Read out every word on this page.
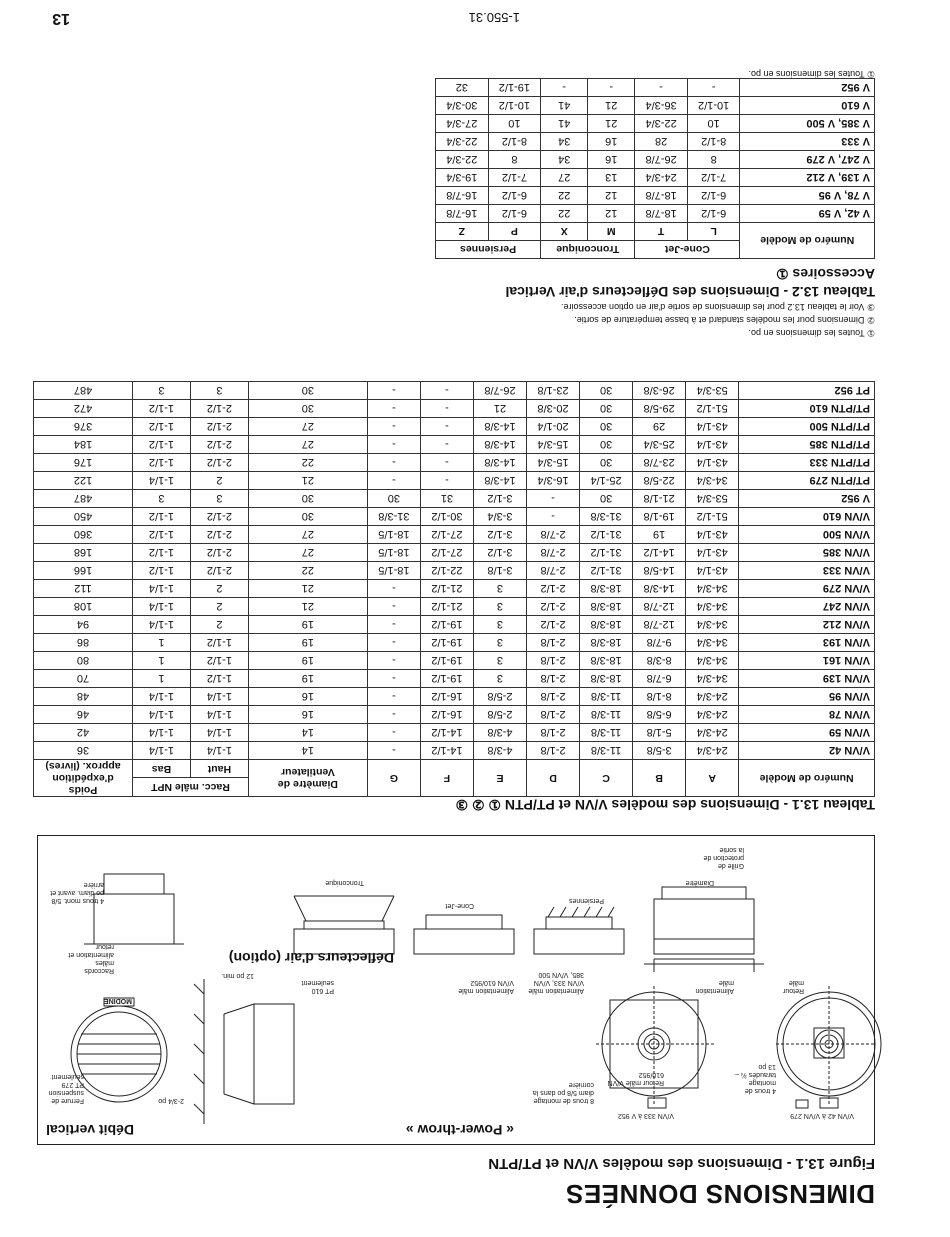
1-550.31
13
DIMENSIONS DONNÉES
Figure 13.1 - Dimensions des modèles V/VN et PT/PTN
Débit vertical	« Power-throw »
Déflecteurs d'air (option)
V/VN 42 à V/VN 279
V/VN 333 à V 952
4 trous de montage taraudés ¾ – 13 po
8 trous de montage diam 5/8 po dans la cornière
Retour mâle
Alimentation mâle
Retour mâle V/VN 610/952
Alimentation mâle V/VN 333, V/VN 385, V/VN 500
Alimentation mâle V/VN 610/952
PT 610 seulement
12 po min.
2-3/4 po
Ferrure de suspension PT 279 seulement
Raccords mâles alimentation et retour
4 trous mont. 5/8 po diam. avant et arrière	Diamètre
Grille de protection de la sortie
Persiennes
Cone-Jet
Tronconique
MODINE
Tableau 13.1 - Dimensions des modèles V/VN et PT/PTN ① ② ③
Numéro de Modèle	A	B	C	D	E	F	G	Diamètre de Ventilateur	Racc. mâle NPT		Poids d'expédition approx. (livres)
									Haut	Bas	
V/VN 42	24-3/4	3-5/8	11-3/8	2-1/8	4-3/8	14-1/2	-	14	1-1/4	1-1/4	36
V/VN 59	24-3/4	5-1/8	11-3/8	2-1/8	4-3/8	14-1/2	-	14	1-1/4	1-1/4	42
V/VN 78	24-3/4	6-5/8	11-3/8	2-1/8	2-5/8	16-1/2	-	16	1-1/4	1-1/4	46
V/VN 95	24-3/4	8-1/8	11-3/8	2-1/8	2-5/8	16-1/2	-	16	1-1/4	1-1/4	48
V/VN 139	34-3/4	6-7/8	18-3/8	2-1/8	3	19-1/2	-	19	1-1/2	1	70
V/VN 161	34-3/4	8-3/8	18-3/8	2-1/8	3	19-1/2	-	19	1-1/2	1	80
V/VN 193	34-3/4	9-7/8	18-3/8	2-1/8	3	19-1/2	-	19	1-1/2	1	86
V/VN 212	34-3/4	12-7/8	18-3/8	2-1/2	3	19-1/2	-	19	2	1-1/4	94
V/VN 247	34-3/4	12-7/8	18-3/8	2-1/2	3	21-1/2	-	21	2	1-1/4	108
V/VN 279	34-3/4	14-3/8	18-3/8	2-1/2	3	21-1/2	-	21	2	1-1/4	112
V/VN 333	43-1/4	14-5/8	31-1/2	2-7/8	3-1/8	22-1/2	18-1/5	22	2-1/2	1-1/2	166
V/VN 385	43-1/4	14-1/2	31-1/2	2-7/8	3-1/2	27-1/2	18-1/5	27	2-1/2	1-1/2	168
V/VN 500	43-1/4	19	31-1/2	2-7/8	3-1/2	27-1/2	18-1/5	27	2-1/2	1-1/2	360
V/VN 610	51-1/2	19-1/8	31-3/8	-	3-3/4	30-1/2	31-3/8	30	2-1/2	1-1/2	450
V 952	53-3/4	21-1/8	30	-	3-1/2	31	30	30	3	3	487
PT/PTN 279	34-3/4	22-5/8	25-1/4	16-3/4	14-3/8	-	-	21	2	1-1/4	122
PT/PTN 333	43-1/4	23-7/8	30	15-3/4	14-3/8	-	-	22	2-1/2	1-1/2	176
PT/PTN 385	43-1/4	25-3/4	30	15-3/4	14-3/8	-	-	27	2-1/2	1-1/2	184
PT/PTN 500	43-1/4	29	30	20-1/4	14-3/8	-	-	27	2-1/2	1-1/2	376
PT/PTN 610	51-1/2	29-5/8	30	20-3/8	21	-	-	30	2-1/2	1-1/2	472
PT 952	53-3/4	26-3/8	30	23-1/8	26-7/8	-	-	30	3	3	487
① Toutes les dimensions en po.
② Dimensions pour les modèles standard et à basse température de sortie.
③ Voir le tableau 13.2 pour les dimensions de sortie d'air en option accessoire.
Tableau 13.2 - Dimensions des Déflecteurs d'air Vertical
Accessoires ①
Numéro de Modèle	Cone-Jet		Tronconique		Persiennes	
	L	T	M	X	P	Z
V 42, V 59	6-1/2	18-7/8	12	22	6-1/2	16-7/8
V 78, V 95	6-1/2	18-7/8	12	22	6-1/2	16-7/8
V 139, V 212	7-1/2	24-3/4	13	27	7-1/2	19-3/4
V 247, V 279	8	26-7/8	16	34	8	22-3/4
V 333	8-1/2	28	16	34	8-1/2	22-3/4
V 385, V 500	10	22-3/4	21	41	10	27-3/4
V 610	10-1/2	36-3/4	21	41	10-1/2	30-3/4
V 952	-	-	-	-	19-1/2	32
① Toutes les dimensions en po.
